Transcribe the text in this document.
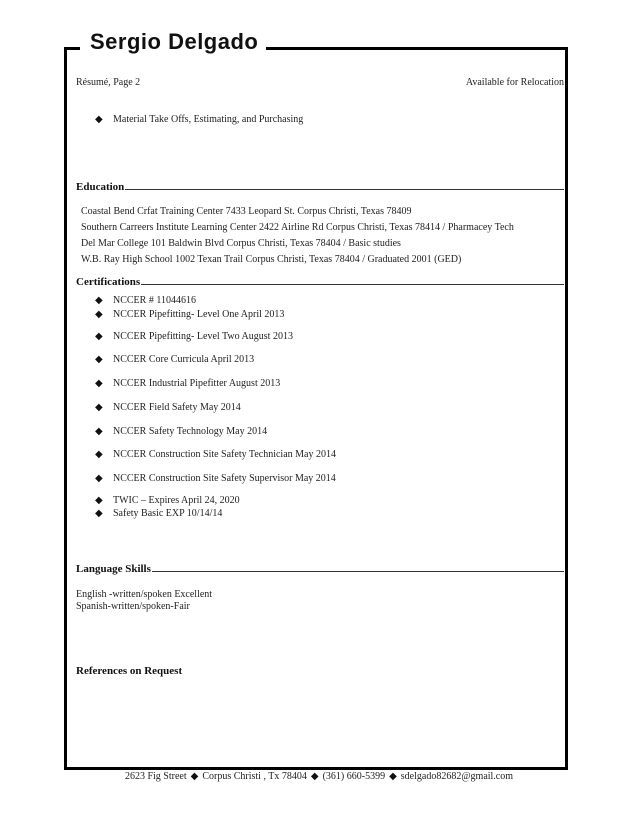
Sergio Delgado
Résumé, Page 2	Available for Relocation
◆ Material Take Offs, Estimating, and Purchasing
Education
Coastal Bend Crfat Training Center 7433 Leopard St. Corpus Christi, Texas 78409
Southern Carreers Institute Learning Center 2422 Airline Rd Corpus Christi, Texas 78414 / Pharmacey Tech
Del Mar College 101 Baldwin Blvd Corpus Christi, Texas 78404 / Basic studies
W.B. Ray High School 1002 Texan Trail Corpus Christi, Texas 78404 / Graduated 2001 (GED)
Certifications
◆ NCCER # 11044616
◆ NCCER Pipefitting- Level One April 2013
◆ NCCER Pipefitting- Level Two August 2013
◆ NCCER Core Curricula April 2013
◆ NCCER Industrial Pipefitter August 2013
◆ NCCER Field Safety May 2014
◆ NCCER Safety Technology May 2014
◆ NCCER Construction Site Safety Technician May 2014
◆ NCCER Construction Site Safety Supervisor May 2014
◆ TWIC – Expires April 24, 2020
◆ Safety Basic EXP 10/14/14
Language Skills
English -written/spoken Excellent
Spanish-written/spoken-Fair
References on Request
2623 Fig Street ◆ Corpus Christi , Tx 78404 ◆ (361) 660-5399 ◆ sdelgado82682@gmail.com
